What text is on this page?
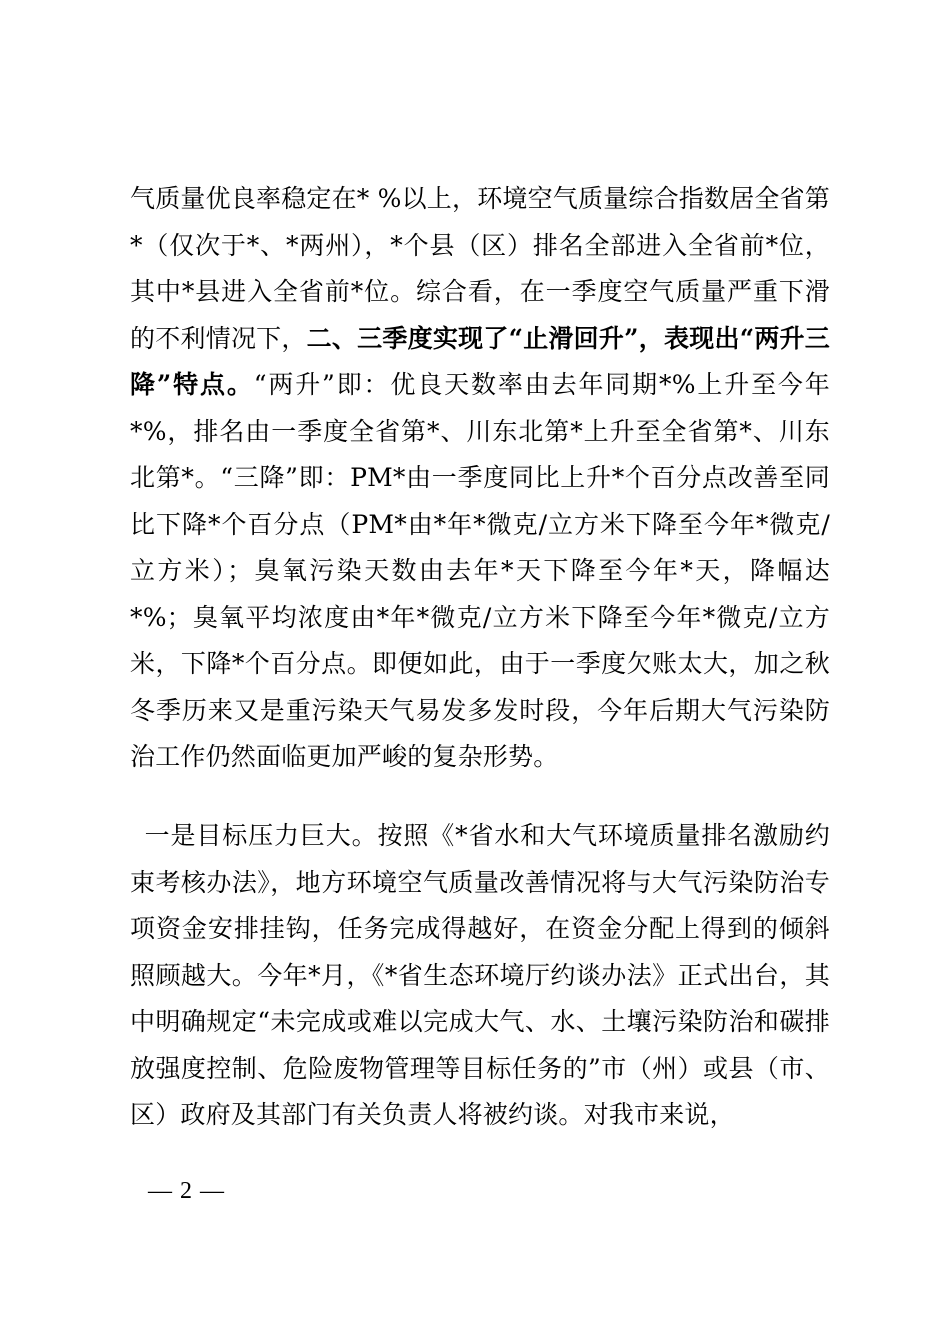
气质量优良率稳定在* %以上，环境空气质量综合指数居全省第*（仅次于*、*两州），*个县（区）排名全部进入全省前*位，其中*县进入全省前*位。综合看，在一季度空气质量严重下滑的不利情况下，二、三季度实现了“止滑回升”，表现出“两升三降”特点。“两升”即：优良天数率由去年同期*%上升至今年*%，排名由一季度全省第*、川东北第*上升至全省第*、川东北第*。“三降”即：PM*由一季度同比上升*个百分点改善至同比下降*个百分点（PM*由*年*微克/立方米下降至今年*微克/立方米）；臭氧污染天数由去年*天下降至今年*天，降幅达*%；臭氧平均浓度由*年*微克/立方米下降至今年*微克/立方米，下降*个百分点。即便如此，由于一季度欠账太大，加之秋冬季历来又是重污染天气易发多发时段，今年后期大气污染防治工作仍然面临更加严峻的复杂形势。

一是目标压力巨大。按照《*省水和大气环境质量排名激励约束考核办法》，地方环境空气质量改善情况将与大气污染防治专项资金安排挂钩，任务完成得越好，在资金分配上得到的倾斜照顾越大。今年*月，《*省生态环境厅约谈办法》正式出台，其中明确规定“未完成或难以完成大气、水、土壤污染防治和碳排放强度控制、危险废物管理等目标任务的”市（州）或县（市、区）政府及其部门有关负责人将被约谈。对我市来说，

— 2 —
